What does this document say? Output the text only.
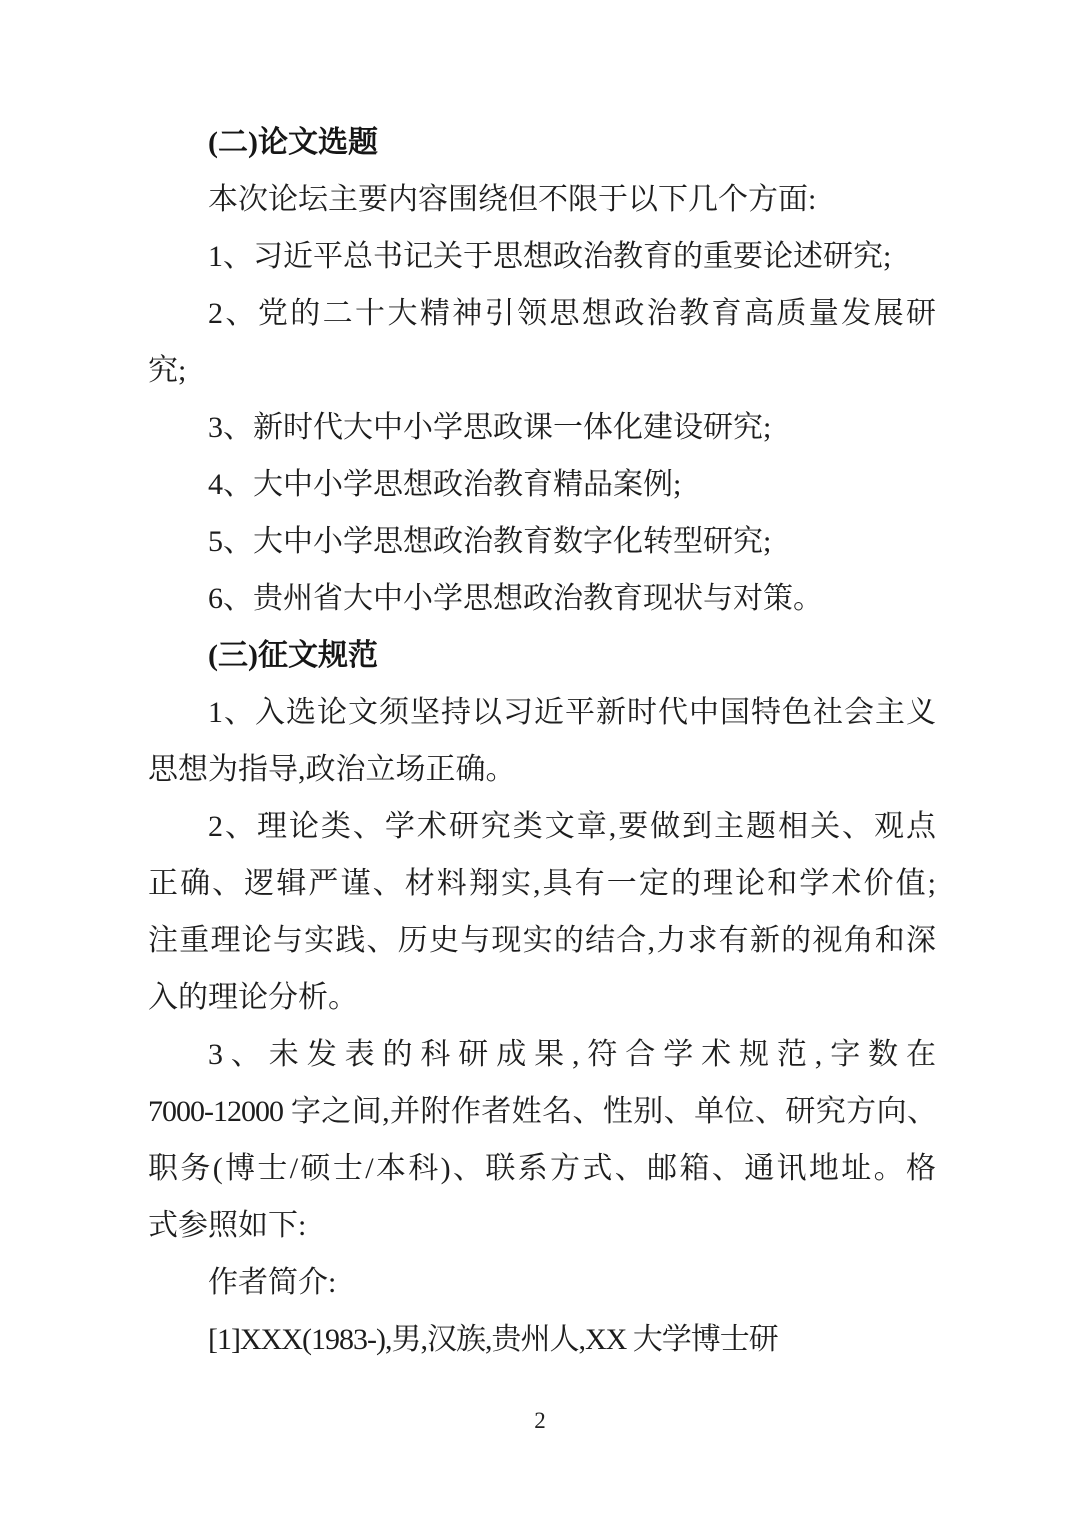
(二)论文选题
本次论坛主要内容围绕但不限于以下几个方面:
1、习近平总书记关于思想政治教育的重要论述研究;
2、党的二十大精神引领思想政治教育高质量发展研
究;
3、新时代大中小学思政课一体化建设研究;
4、大中小学思想政治教育精品案例;
5、大中小学思想政治教育数字化转型研究;
6、贵州省大中小学思想政治教育现状与对策。
(三)征文规范
1、入选论文须坚持以习近平新时代中国特色社会主义
思想为指导,政治立场正确。
2、理论类、学术研究类文章,要做到主题相关、观点
正确、逻辑严谨、材料翔实,具有一定的理论和学术价值;
注重理论与实践、历史与现实的结合,力求有新的视角和深
入的理论分析。
3、未发表的科研成果,符合学术规范,字数在
7000-12000 字之间,并附作者姓名、性别、单位、研究方向、
职务(博士/硕士/本科)、联系方式、邮箱、通讯地址。格
式参照如下:
作者简介:
[1]XXX(1983-),男,汉族,贵州人,XX 大学博士研
2
